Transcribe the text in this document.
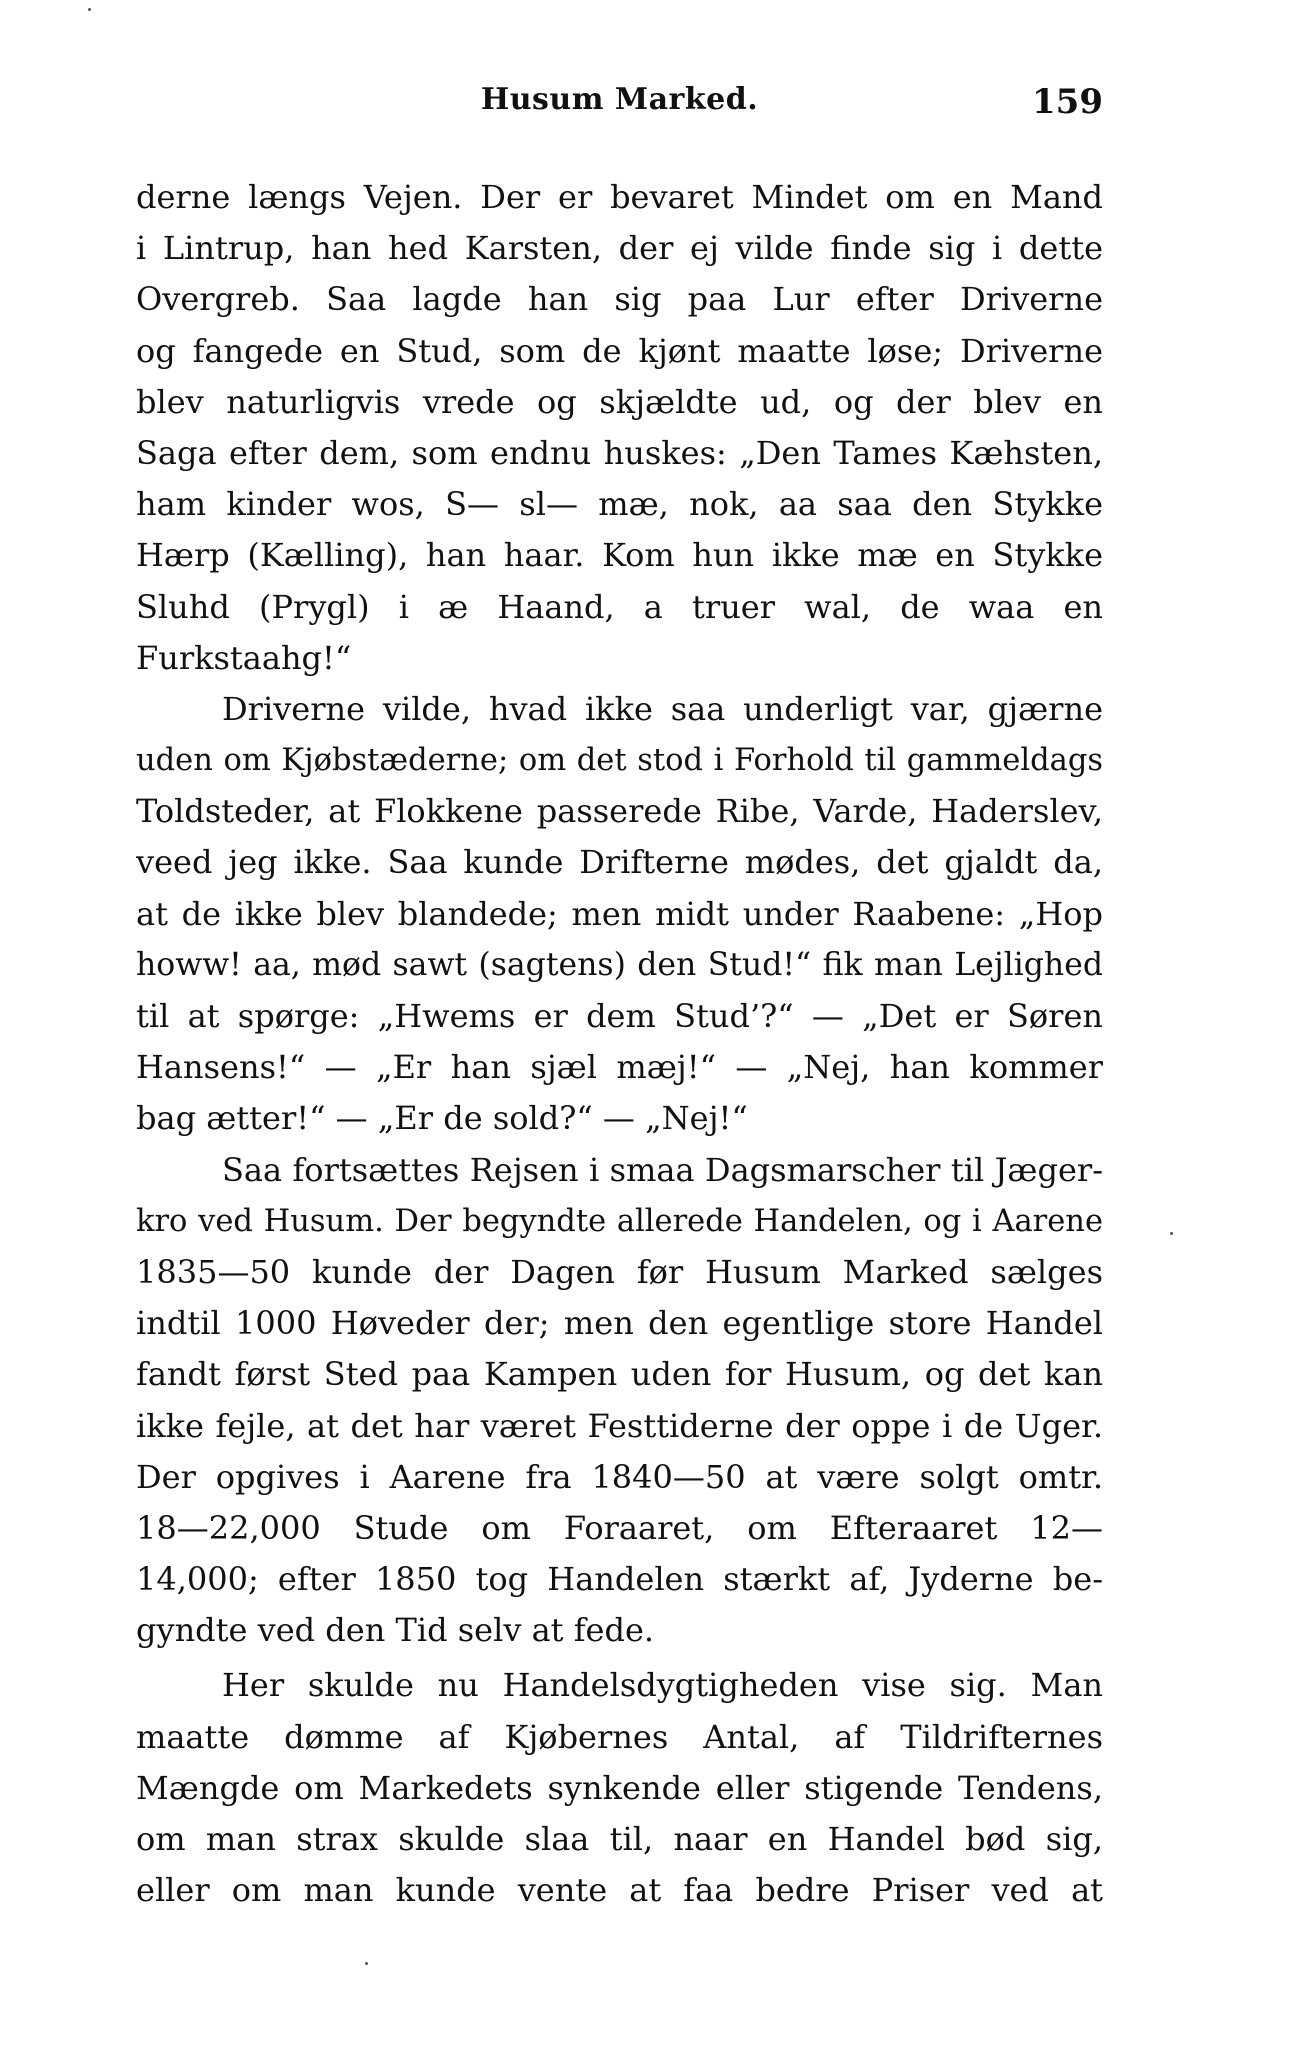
Husum Marked.	159
derne længs Vejen. Der er bevaret Mindet om en Mand
i Lintrup, han hed Karsten, der ej vilde finde sig i dette
Overgreb. Saa lagde han sig paa Lur efter Driverne
og fangede en Stud, som de kjønt maatte løse; Driverne
blev naturligvis vrede og skjældte ud, og der blev en
Saga efter dem, som endnu huskes: „Den Tames Kæhsten,
ham kinder wos, S— sl— mæ, nok, aa saa den Stykke
Hærp (Kælling), han haar. Kom hun ikke mæ en Stykke
Sluhd (Prygl) i æ Haand, a truer wal, de waa en
Furkstaahg!“
Driverne vilde, hvad ikke saa underligt var, gjærne
uden om Kjøbstæderne; om det stod i Forhold til gammeldags
Toldsteder, at Flokkene passerede Ribe, Varde, Haderslev,
veed jeg ikke. Saa kunde Drifterne mødes, det gjaldt da,
at de ikke blev blandede; men midt under Raabene: „Hop
howw! aa, mød sawt (sagtens) den Stud!“ fik man Lejlighed
til at spørge: „Hwems er dem Stud’?“ — „Det er Søren
Hansens!“ — „Er han sjæl mæj!“ — „Nej, han kommer
bag ætter!“ — „Er de sold?“ — „Nej!“
Saa fortsættes Rejsen i smaa Dagsmarscher til Jæger-
kro ved Husum. Der begyndte allerede Handelen, og i Aarene
1835—50 kunde der Dagen før Husum Marked sælges
indtil 1000 Høveder der; men den egentlige store Handel
fandt først Sted paa Kampen uden for Husum, og det kan
ikke fejle, at det har været Festtiderne der oppe i de Uger.
Der opgives i Aarene fra 1840—50 at være solgt omtr.
18—22,000 Stude om Foraaret, om Efteraaret 12—
14,000; efter 1850 tog Handelen stærkt af, Jyderne be-
gyndte ved den Tid selv at fede.
Her skulde nu Handelsdygtigheden vise sig. Man
maatte dømme af Kjøbernes Antal, af Tildrifternes
Mængde om Markedets synkende eller stigende Tendens,
om man strax skulde slaa til, naar en Handel bød sig,
eller om man kunde vente at faa bedre Priser ved at
